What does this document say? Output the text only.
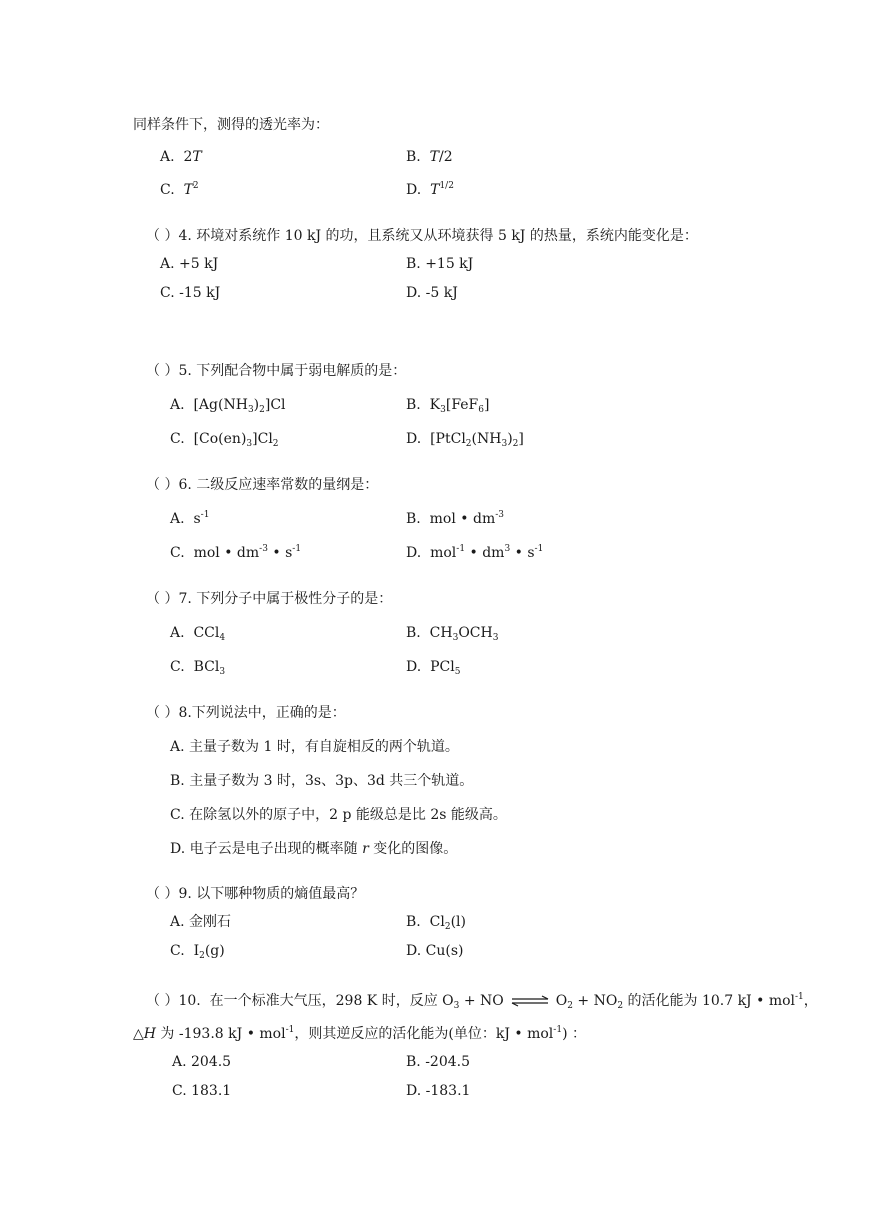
同样条件下，测得的透光率为：
A. 2T	B. T/2
C. $T^2$	D. $T^{1/2}$
（ ）4. 环境对系统作 10 kJ 的功，且系统又从环境获得 5 kJ 的热量，系统内能变化是：
A. +5 kJ	B. +15 kJ
C. -15 kJ	D. -5 kJ
（ ）5. 下列配合物中属于弱电解质的是：
A. $[Ag(NH_3)_2]Cl$	B. $K_3[FeF_6]$
C. $[Co(en)_3]Cl_2$	D. $[PtCl_2(NH_3)_2]$
（ ）6. 二级反应速率常数的量纲是：
A. $s^{-1}$	B. mol • $dm^{-3}$
C. mol • $dm^{-3}$ • $s^{-1}$	D. mol$^{-1}$ • $dm^3$ • $s^{-1}$
（ ）7. 下列分子中属于极性分子的是：
A. CCl$_4$	B. $CH_3OCH_3$
C. BCl$_3$	D. PCl$_5$
（ ）8.下列说法中，正确的是：
A. 主量子数为 1 时，有自旋相反的两个轨道。
B. 主量子数为 3 时，3s、3p、3d 共三个轨道。
C. 在除氢以外的原子中，2 p 能级总是比 2s 能级高。
D. 电子云是电子出现的概率随 r 变化的图像。
（ ）9. 以下哪种物质的熵值最高？
A. 金刚石	B. $Cl_2(l)$
C. $I_2(g)$	D. Cu(s)
（ ）10. 在一个标准大气压，298 K 时，反应 $O_3$ + NO ⇌ $O_2 + NO_2$ 的活化能为 10.7 kJ • mol$^{-1}$，
△H 为 -193.8 kJ • mol$^{-1}$，则其逆反应的活化能为(单位：kJ • mol$^{-1}$) ：
A. 204.5	B. -204.5
C. 183.1	D. -183.1
